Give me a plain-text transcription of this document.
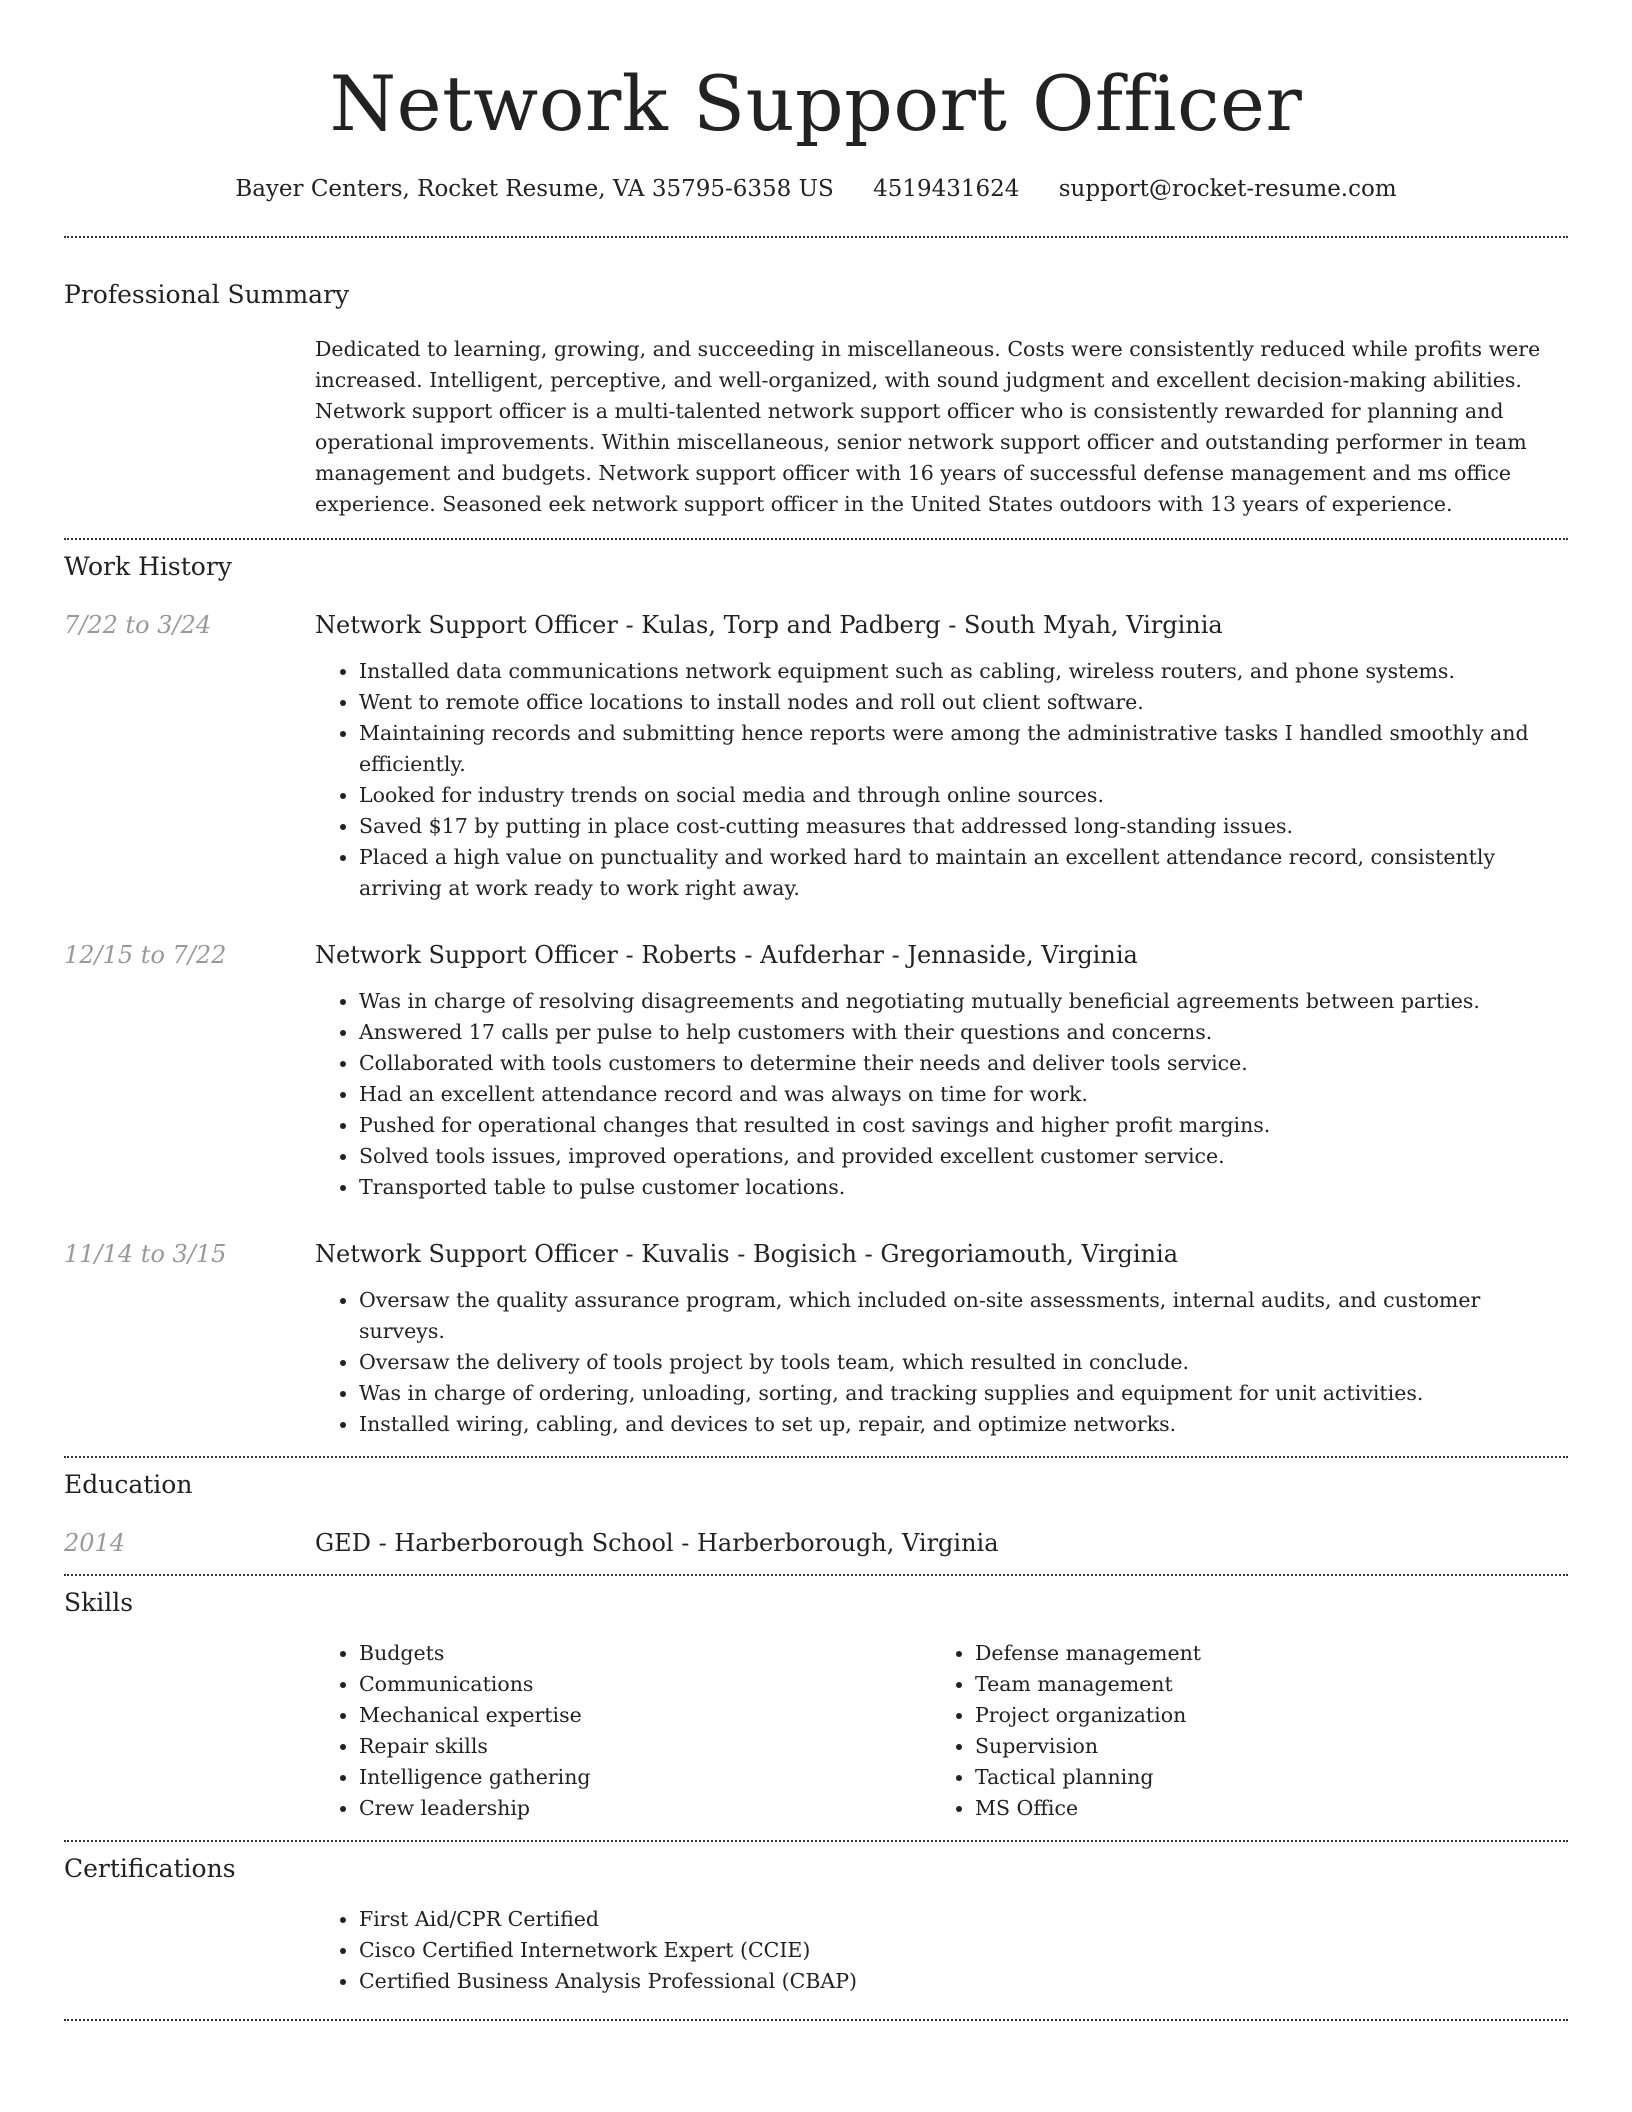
Network Support Officer
Bayer Centers, Rocket Resume, VA 35795-6358 US 4519431624 support@rocket-resume.com
Professional Summary

Dedicated to learning, growing, and succeeding in miscellaneous. Costs were consistently reduced while profits were increased. Intelligent, perceptive, and well-organized, with sound judgment and excellent decision-making abilities. Network support officer is a multi-talented network support officer who is consistently rewarded for planning and operational improvements. Within miscellaneous, senior network support officer and outstanding performer in team management and budgets. Network support officer with 16 years of successful defense management and ms office experience. Seasoned eek network support officer in the United States outdoors with 13 years of experience.

Work History
7/22 to 3/24	Network Support Officer - Kulas, Torp and Padberg - South Myah, Virginia
• Installed data communications network equipment such as cabling, wireless routers, and phone systems.
• Went to remote office locations to install nodes and roll out client software.
• Maintaining records and submitting hence reports were among the administrative tasks I handled smoothly and efficiently.
• Looked for industry trends on social media and through online sources.
• Saved $17 by putting in place cost-cutting measures that addressed long-standing issues.
• Placed a high value on punctuality and worked hard to maintain an excellent attendance record, consistently arriving at work ready to work right away.
12/15 to 7/22	Network Support Officer - Roberts - Aufderhar - Jennaside, Virginia
• Was in charge of resolving disagreements and negotiating mutually beneficial agreements between parties.
• Answered 17 calls per pulse to help customers with their questions and concerns.
• Collaborated with tools customers to determine their needs and deliver tools service.
• Had an excellent attendance record and was always on time for work.
• Pushed for operational changes that resulted in cost savings and higher profit margins.
• Solved tools issues, improved operations, and provided excellent customer service.
• Transported table to pulse customer locations.
11/14 to 3/15	Network Support Officer - Kuvalis - Bogisich - Gregoriamouth, Virginia
• Oversaw the quality assurance program, which included on-site assessments, internal audits, and customer surveys.
• Oversaw the delivery of tools project by tools team, which resulted in conclude.
• Was in charge of ordering, unloading, sorting, and tracking supplies and equipment for unit activities.
• Installed wiring, cabling, and devices to set up, repair, and optimize networks.
Education
2014	GED - Harberborough School - Harberborough, Virginia
Skills
• Budgets
• Communications
• Mechanical expertise
• Repair skills
• Intelligence gathering
• Crew leadership
• Defense management
• Team management
• Project organization
• Supervision
• Tactical planning
• MS Office
Certifications
• First Aid/CPR Certified
• Cisco Certified Internetwork Expert (CCIE)
• Certified Business Analysis Professional (CBAP)
